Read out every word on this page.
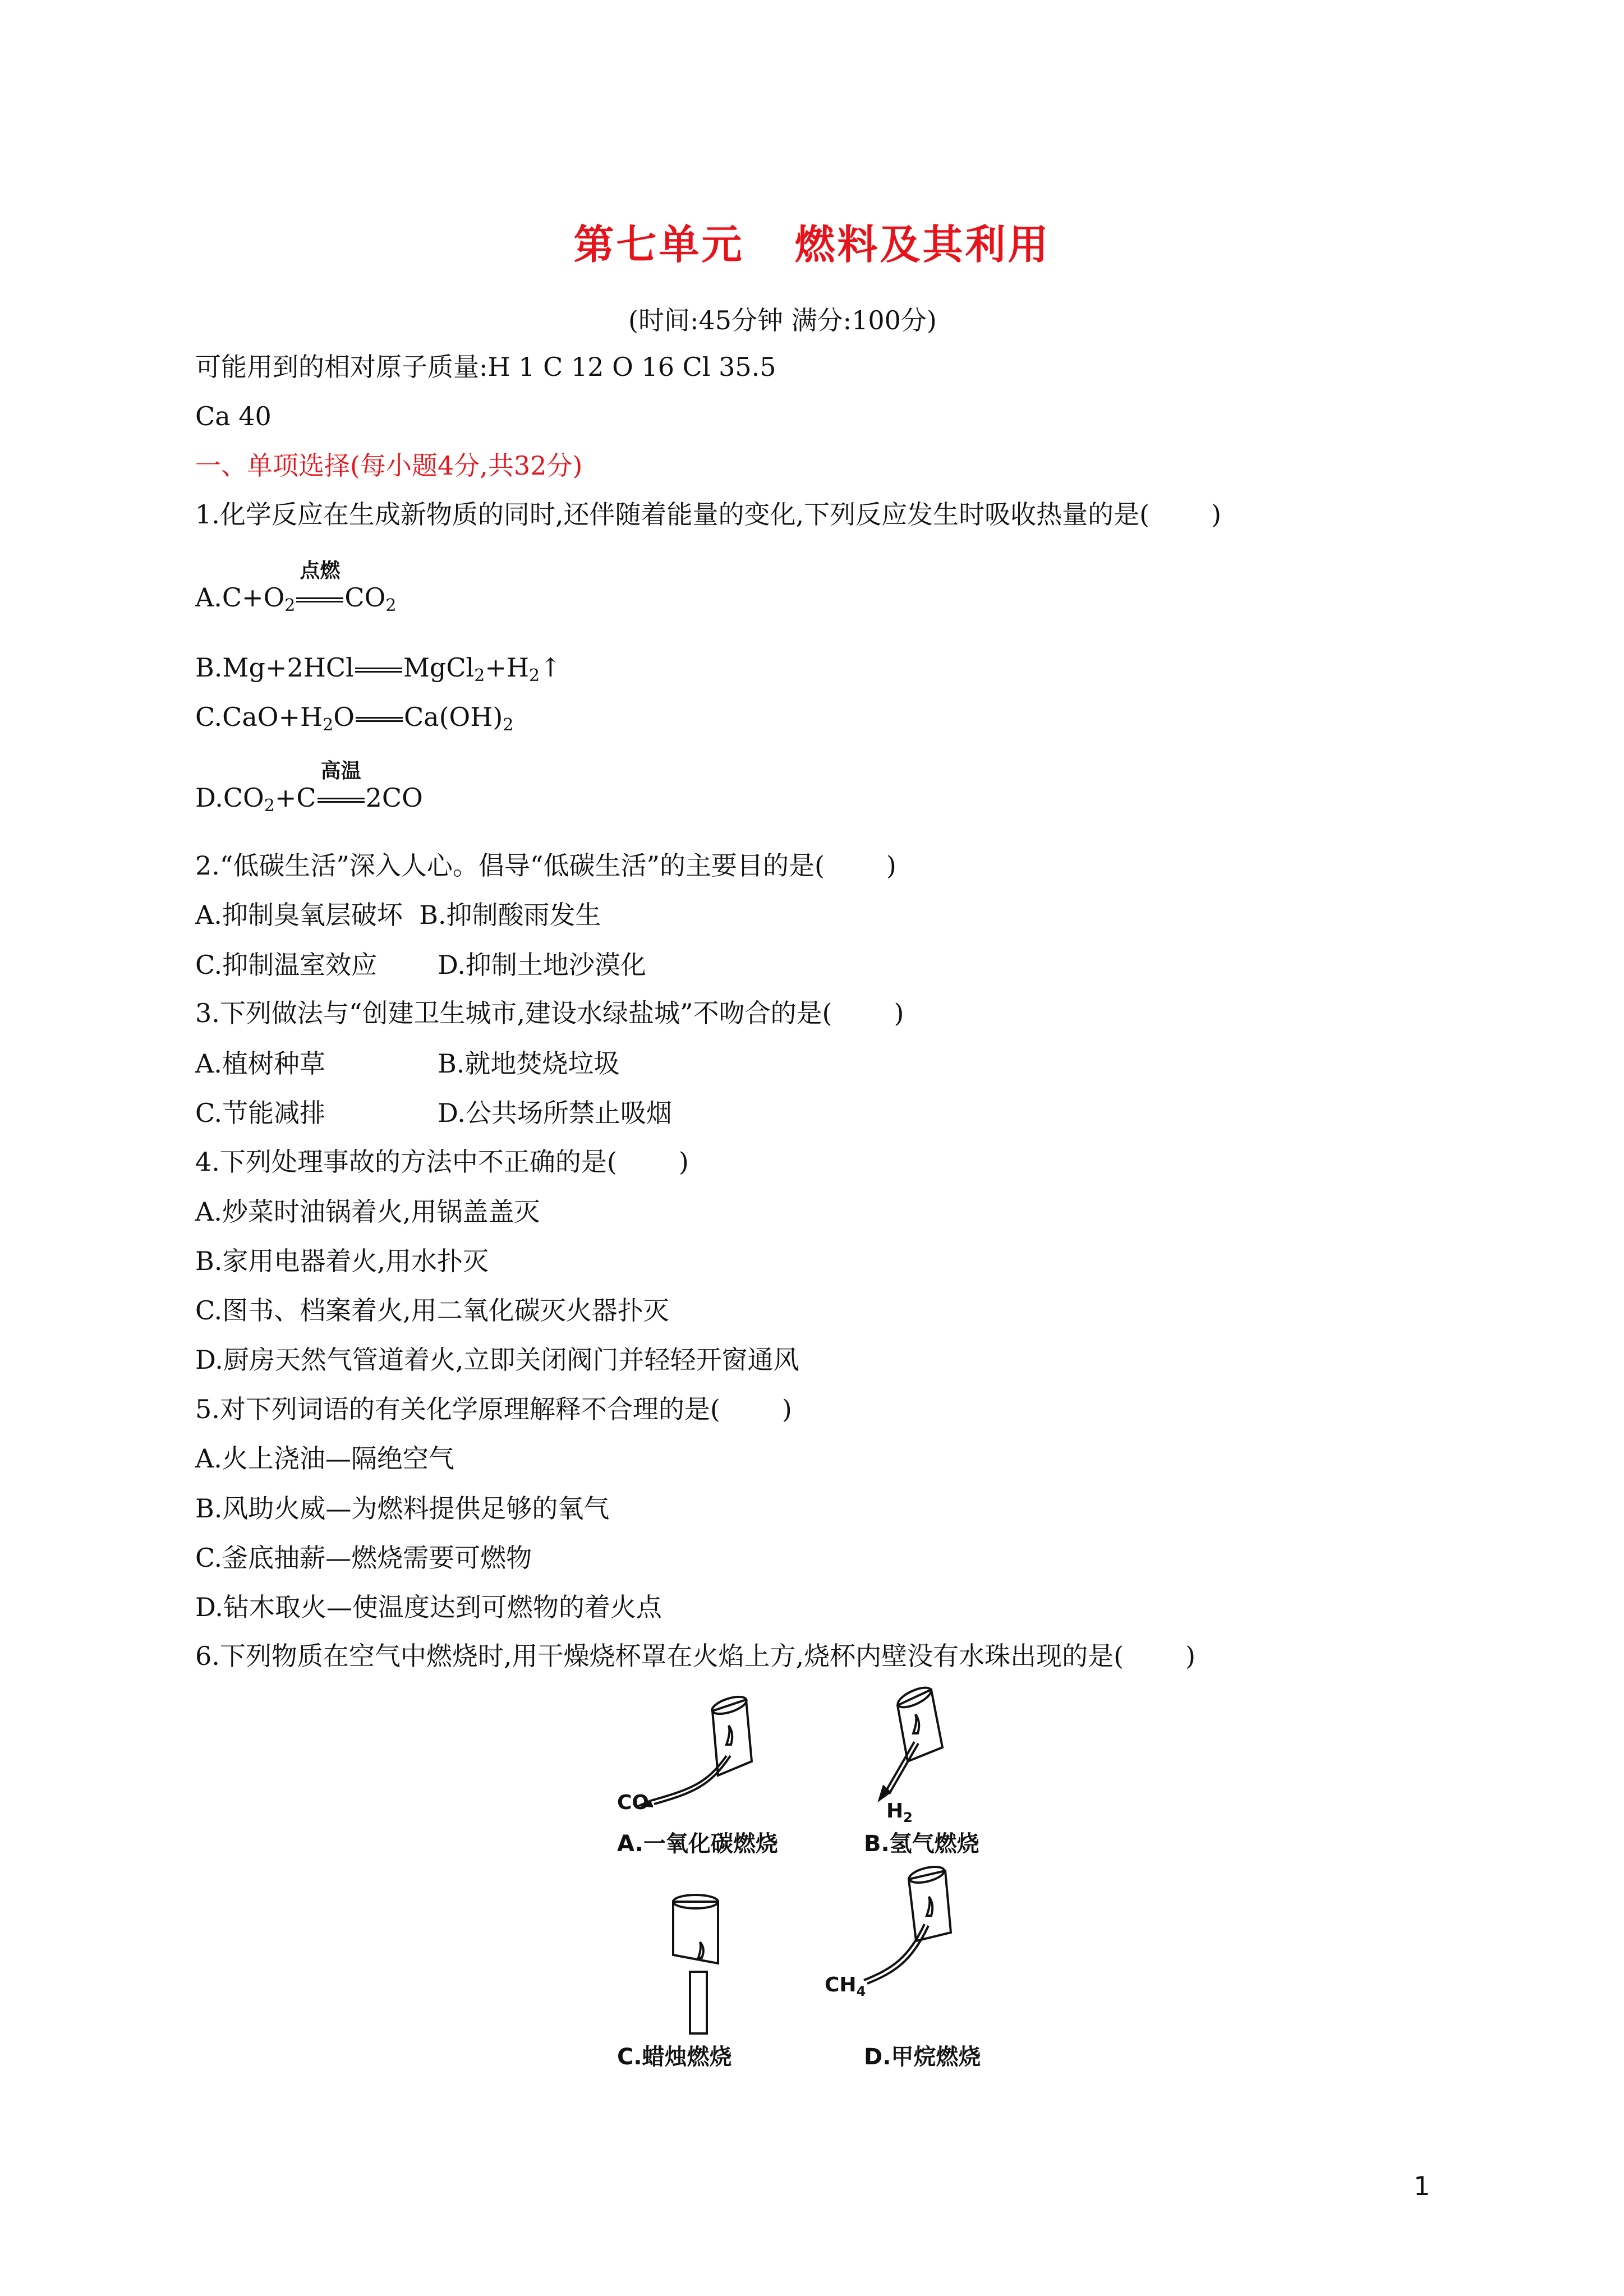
第七单元 燃料及其利用
(时间:45分钟 满分:100分)
可能用到的相对原子质量:H 1 C 12 O 16 Cl 35.5
Ca 40
一、单项选择(每小题4分,共32分)
1.化学反应在生成新物质的同时,还伴随着能量的变化,下列反应发生时吸收热量的是( )
$A.C+O_2$
点燃
$CO_2$
B.Mg+2HCl $MgCl_2+H_2↑$
$C.CaO+H_2O$ $Ca(OH)_2$
$D.CO_2+C$
高温
2CO
2.“低碳生活”深入人心。倡导“低碳生活”的主要目的是( )
A.抑制臭氧层破坏 B.抑制酸雨发生
C.抑制温室效应 D.抑制土地沙漠化
3.下列做法与“创建卫生城市,建设水绿盐城”不吻合的是( )
A.植树种草	B.就地焚烧垃圾
C.节能减排	D.公共场所禁止吸烟
4.下列处理事故的方法中不正确的是( )
A.炒菜时油锅着火,用锅盖盖灭
B.家用电器着火,用水扑灭
C.图书、档案着火,用二氧化碳灭火器扑灭
D.厨房天然气管道着火,立即关闭阀门并轻轻开窗通风
5.对下列词语的有关化学原理解释不合理的是( )
A.火上浇油—隔绝空气
B.风助火威—为燃料提供足够的氧气
C.釜底抽薪—燃烧需要可燃物
D.钻木取火—使温度达到可燃物的着火点
6.下列物质在空气中燃烧时,用干燥烧杯罩在火焰上方,烧杯内壁没有水珠出现的是( )
CO	$H_2$
$CH_4$
A.一氧化碳燃烧	B.氢气燃烧
C.蜡烛燃烧	D.甲烷燃烧
1
